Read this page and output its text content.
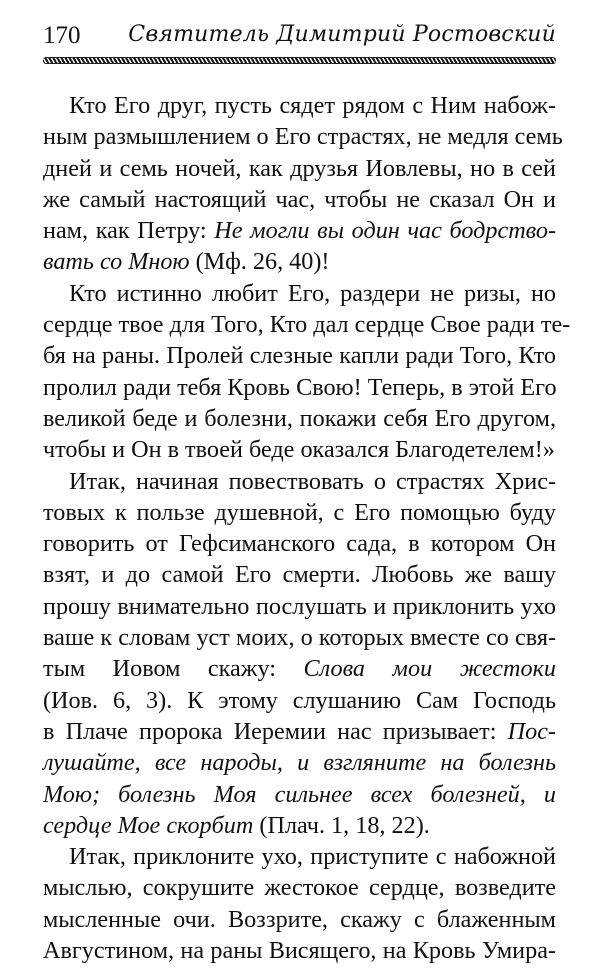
170 Святитель Димитрий Ростовский
Кто Его друг, пусть сядет рядом с Ним набож-
ным размышлением о Его страстях, не медля семь
дней и семь ночей, как друзья Иовлевы, но в сей
же самый настоящий час, чтобы не сказал Он и
нам, как Петру: Не могли вы один час бодрство-
вать со Мною (Мф. 26, 40)!
Кто истинно любит Его, раздери не ризы, но
сердце твое для Того, Кто дал сердце Свое ради те-
бя на раны. Пролей слезные капли ради Того, Кто
пролил ради тебя Кровь Свою! Теперь, в этой Его
великой беде и болезни, покажи себя Его другом,
чтобы и Он в твоей беде оказался Благодетелем!»
Итак, начиная повествовать о страстях Хрис-
товых к пользе душевной, с Его помощью буду
говорить от Гефсиманского сада, в котором Он
взят, и до самой Его смерти. Любовь же вашу
прошу внимательно послушать и приклонить ухо
ваше к словам уст моих, о которых вместе со свя-
тым Иовом скажу: Слова мои жестоки
(Иов. 6, 3). К этому слушанию Сам Господь
в Плаче пророка Иеремии нас призывает: Пос-
лушайте, все народы, и взгляните на болезнь
Мою; болезнь Моя сильнее всех болезней, и
сердце Мое скорбит (Плач. 1, 18, 22).
Итак, приклоните ухо, приступите с набожной
мыслью, сокрушите жестокое сердце, возведите
мысленные очи. Воззрите, скажу с блаженным
Августином, на раны Висящего, на Кровь Умира-
